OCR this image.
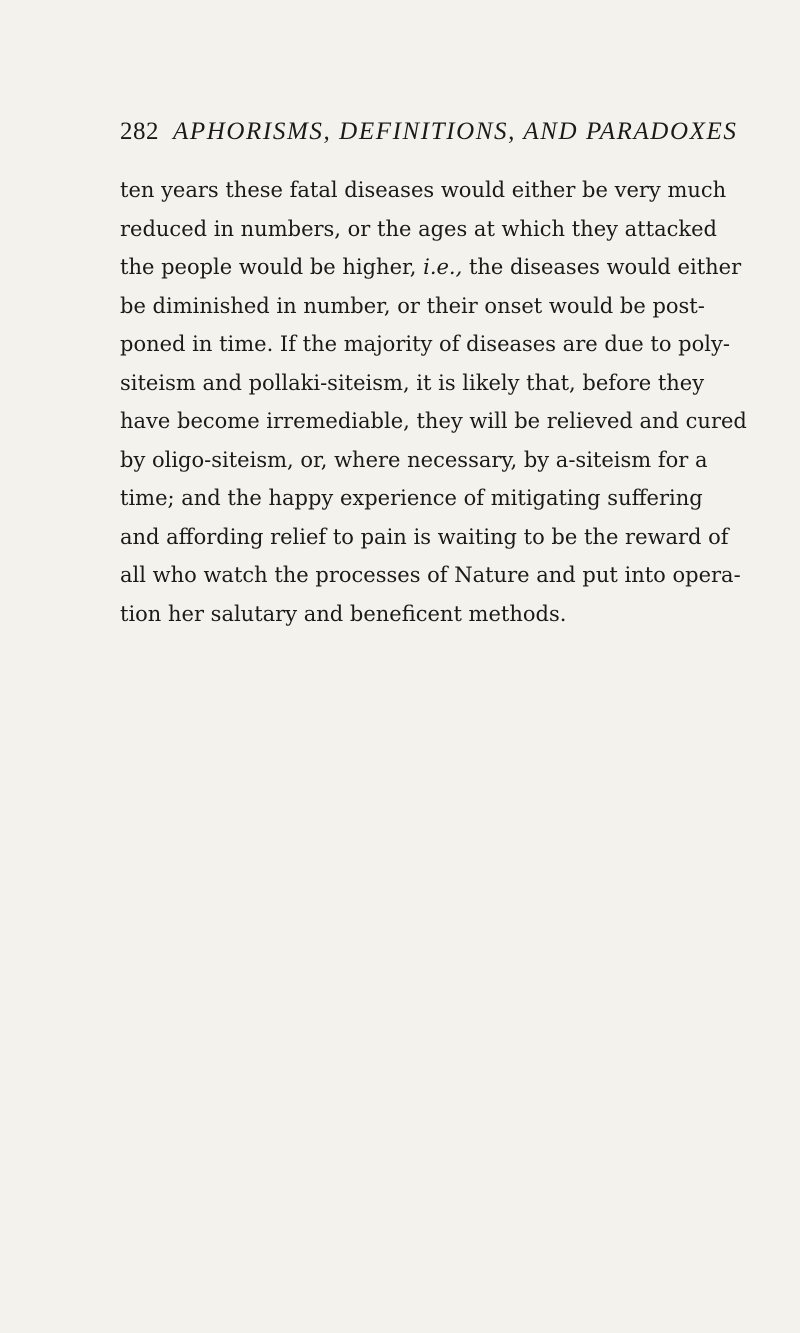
282 APHORISMS, DEFINITIONS, AND PARADOXES
ten years these fatal diseases would either be very much
reduced in numbers, or the ages at which they attacked
the people would be higher, i.e., the diseases would either
be diminished in number, or their onset would be post-
poned in time. If the majority of diseases are due to poly-
siteism and pollaki-siteism, it is likely that, before they
have become irremediable, they will be relieved and cured
by oligo-siteism, or, where necessary, by a-siteism for a
time; and the happy experience of mitigating suffering
and affording relief to pain is waiting to be the reward of
all who watch the processes of Nature and put into opera-
tion her salutary and beneficent methods.
